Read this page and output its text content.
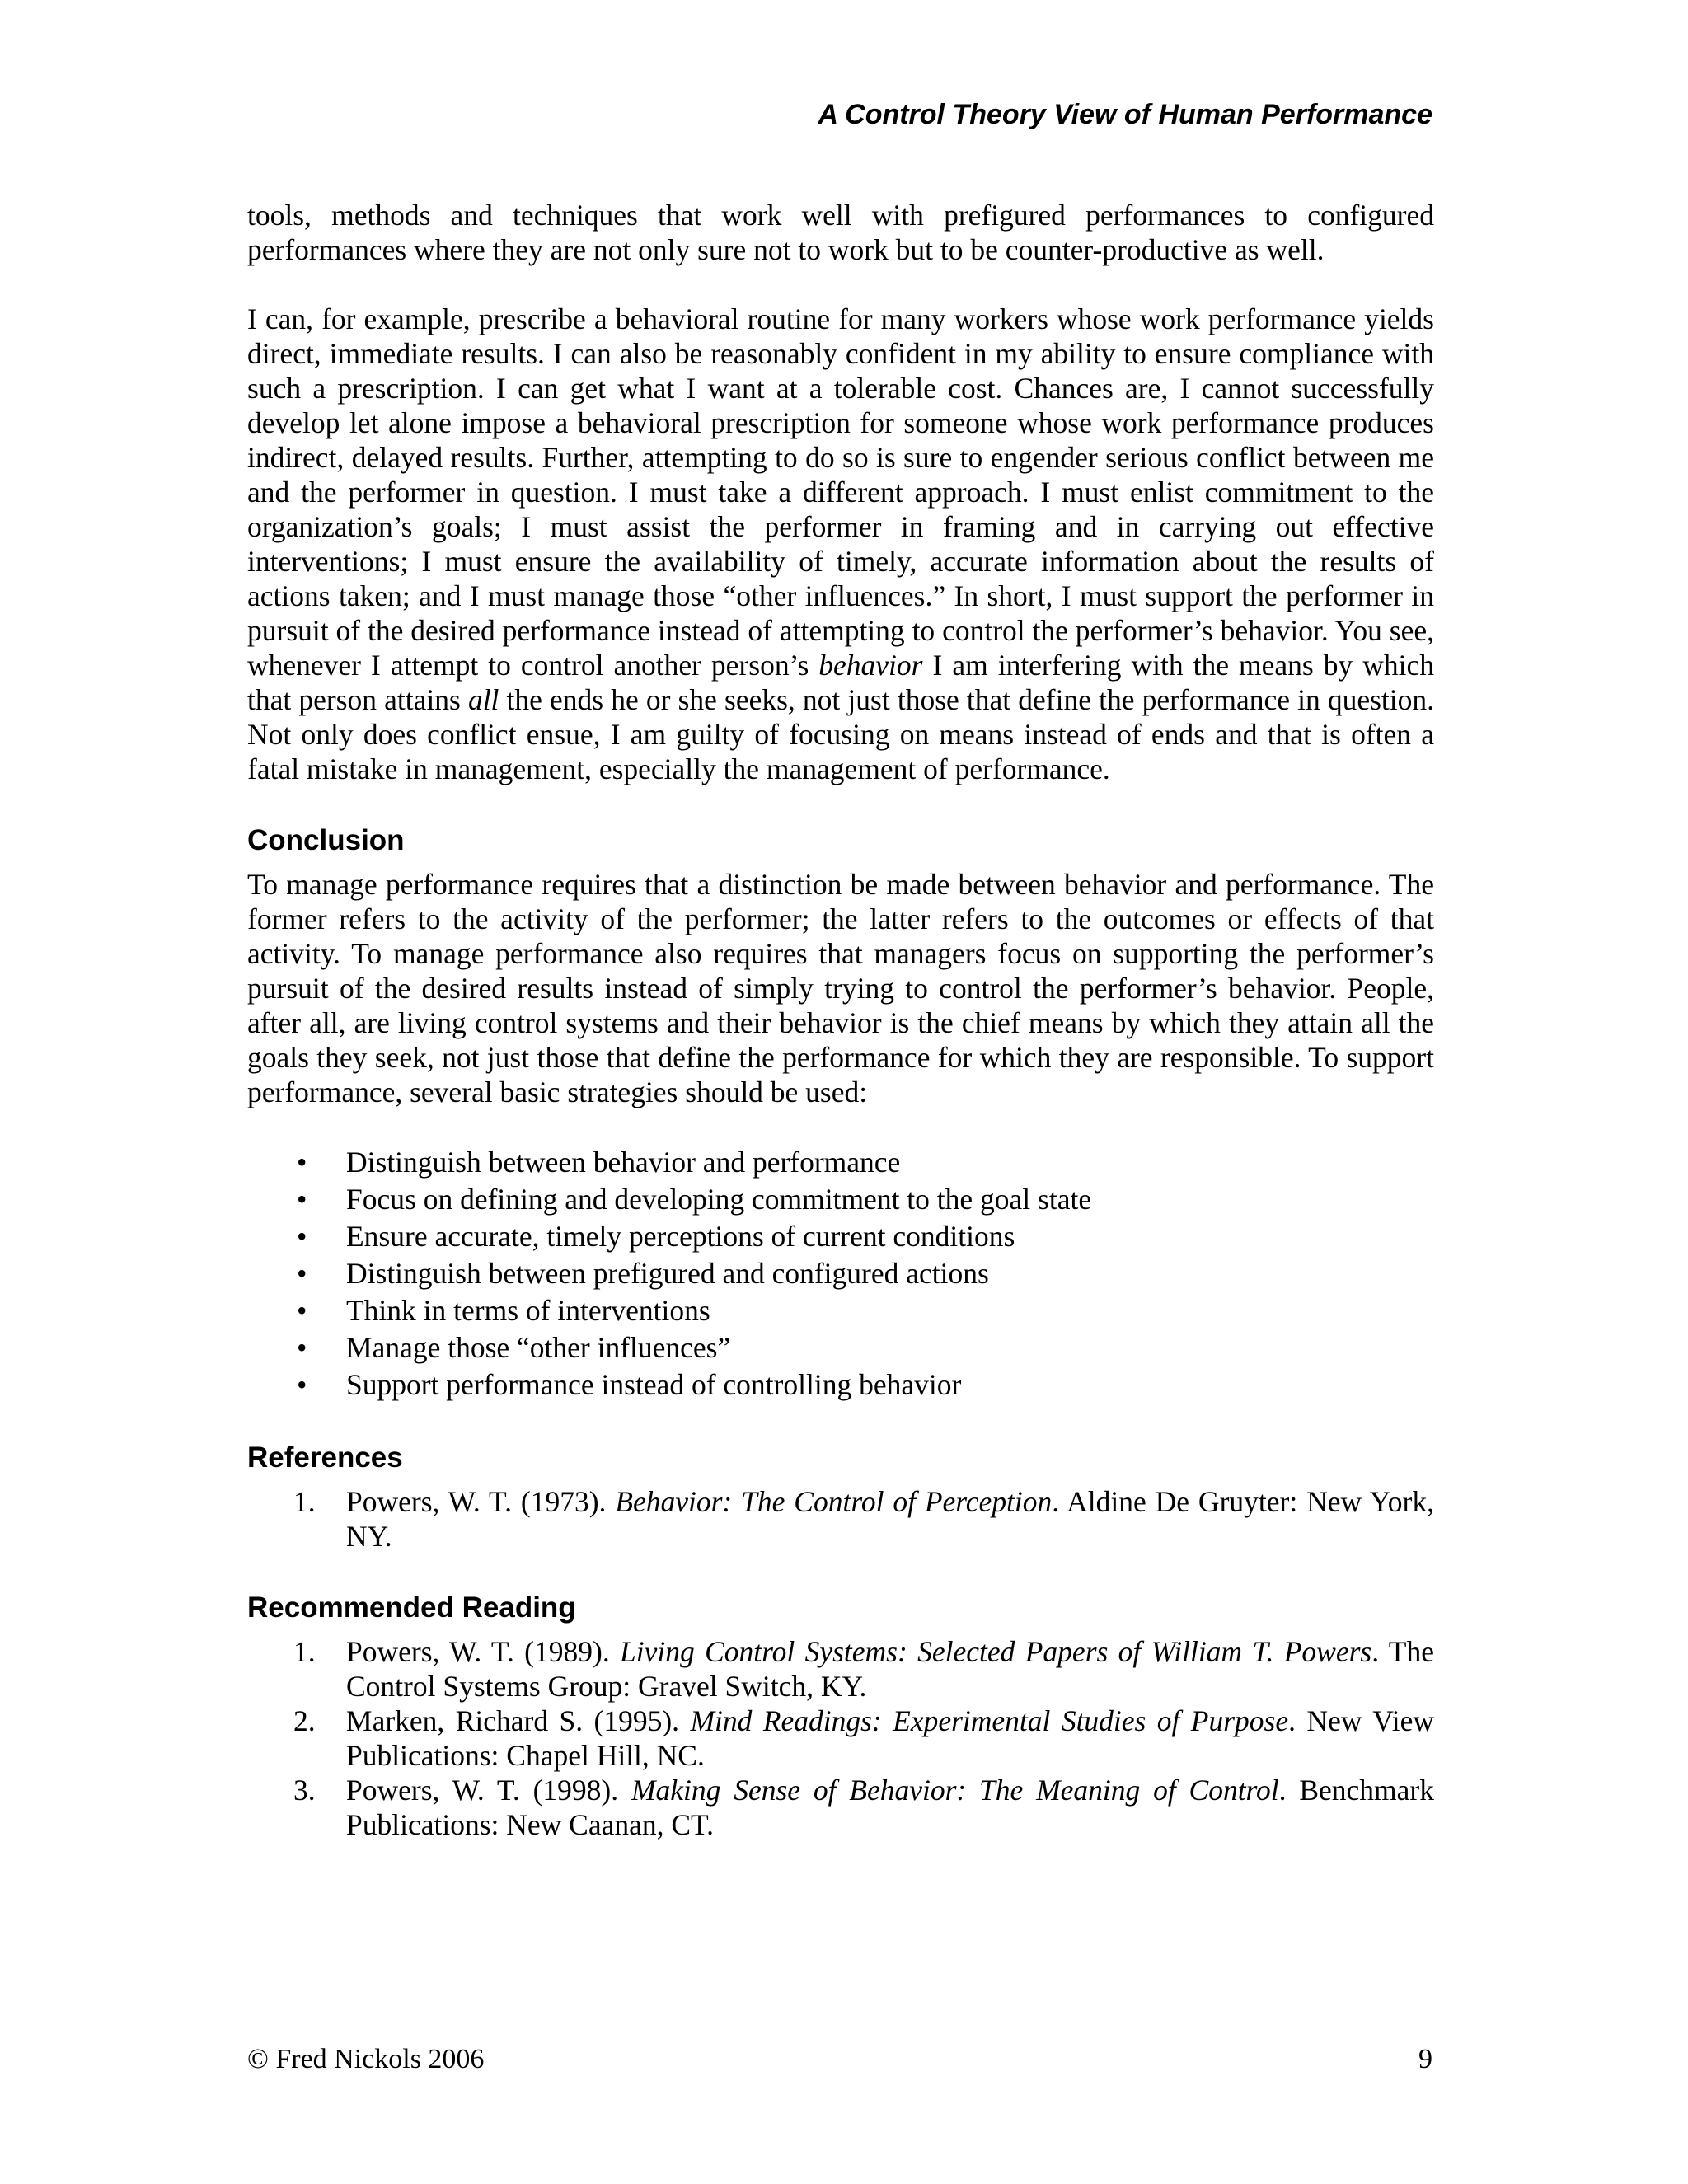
A Control Theory View of Human Performance

tools, methods and techniques that work well with prefigured performances to configured performances where they are not only sure not to work but to be counter-productive as well.

I can, for example, prescribe a behavioral routine for many workers whose work performance yields direct, immediate results. I can also be reasonably confident in my ability to ensure compliance with such a prescription. I can get what I want at a tolerable cost. Chances are, I cannot successfully develop let alone impose a behavioral prescription for someone whose work performance produces indirect, delayed results. Further, attempting to do so is sure to engender serious conflict between me and the performer in question. I must take a different approach. I must enlist commitment to the organization’s goals; I must assist the performer in framing and in carrying out effective interventions; I must ensure the availability of timely, accurate information about the results of actions taken; and I must manage those “other influences.” In short, I must support the performer in pursuit of the desired performance instead of attempting to control the performer’s behavior. You see, whenever I attempt to control another person’s behavior I am interfering with the means by which that person attains all the ends he or she seeks, not just those that define the performance in question. Not only does conflict ensue, I am guilty of focusing on means instead of ends and that is often a fatal mistake in management, especially the management of performance.

Conclusion

To manage performance requires that a distinction be made between behavior and performance. The former refers to the activity of the performer; the latter refers to the outcomes or effects of that activity. To manage performance also requires that managers focus on supporting the performer’s pursuit of the desired results instead of simply trying to control the performer’s behavior. People, after all, are living control systems and their behavior is the chief means by which they attain all the goals they seek, not just those that define the performance for which they are responsible. To support performance, several basic strategies should be used:

• Distinguish between behavior and performance
• Focus on defining and developing commitment to the goal state
• Ensure accurate, timely perceptions of current conditions
• Distinguish between prefigured and configured actions
• Think in terms of interventions
• Manage those “other influences”
• Support performance instead of controlling behavior
References
1. Powers, W. T. (1973). Behavior: The Control of Perception. Aldine De Gruyter: New York, NY.
Recommended Reading
1. Powers, W. T. (1989). Living Control Systems: Selected Papers of William T. Powers. The Control Systems Group: Gravel Switch, KY.
2. Marken, Richard S. (1995). Mind Readings: Experimental Studies of Purpose. New View Publications: Chapel Hill, NC.
3. Powers, W. T. (1998). Making Sense of Behavior: The Meaning of Control. Benchmark Publications: New Caanan, CT.
© Fred Nickols 2006	9
